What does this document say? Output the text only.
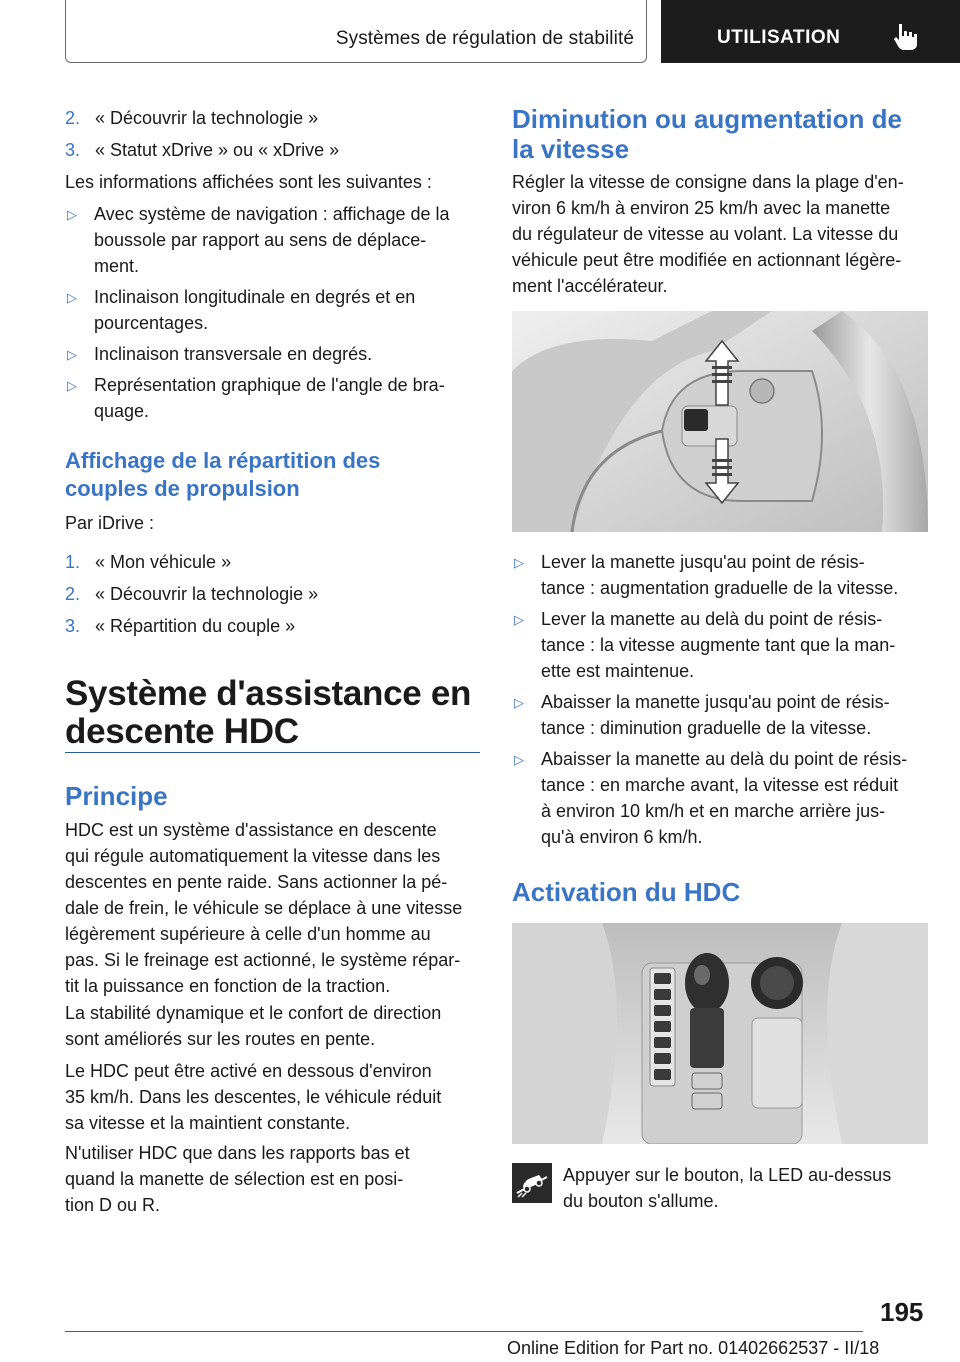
Systèmes de régulation de stabilité	UTILISATION
2. « Découvrir la technologie »
3. « Statut xDrive » ou « xDrive »
Les informations affichées sont les suivantes :
▷ Avec système de navigation : affichage de la
boussole par rapport au sens de déplace-
ment.
▷ Inclinaison longitudinale en degrés et en
pourcentages.
▷ Inclinaison transversale en degrés.
▷ Représentation graphique de l'angle de bra-
quage.
Affichage de la répartition des
couples de propulsion
Par iDrive :
1. « Mon véhicule »
2. « Découvrir la technologie »
3. « Répartition du couple »
Système d'assistance en
descente HDC
Principe
HDC est un système d'assistance en descente
qui régule automatiquement la vitesse dans les
descentes en pente raide. Sans actionner la pé-
dale de frein, le véhicule se déplace à une vitesse
légèrement supérieure à celle d'un homme au
pas. Si le freinage est actionné, le système répar-
tit la puissance en fonction de la traction.
La stabilité dynamique et le confort de direction
sont améliorés sur les routes en pente.
Le HDC peut être activé en dessous d'environ
35 km/h. Dans les descentes, le véhicule réduit
sa vitesse et la maintient constante.
N'utiliser HDC que dans les rapports bas et
quand la manette de sélection est en posi-
tion D ou R.
Diminution ou augmentation de
la vitesse
Régler la vitesse de consigne dans la plage d'en-
viron 6 km/h à environ 25 km/h avec la manette
du régulateur de vitesse au volant. La vitesse du
véhicule peut être modifiée en actionnant légère-
ment l'accélérateur.
▷ Lever la manette jusqu'au point de résis-
tance : augmentation graduelle de la vitesse.
▷ Lever la manette au delà du point de résis-
tance : la vitesse augmente tant que la man-
ette est maintenue.
▷ Abaisser la manette jusqu'au point de résis-
tance : diminution graduelle de la vitesse.
▷ Abaisser la manette au delà du point de résis-
tance : en marche avant, la vitesse est réduit
à environ 10 km/h et en marche arrière jus-
qu'à environ 6 km/h.
Activation du HDC
Appuyer sur le bouton, la LED au-dessus
du bouton s'allume.
195
Online Edition for Part no. 01402662537 - II/18
